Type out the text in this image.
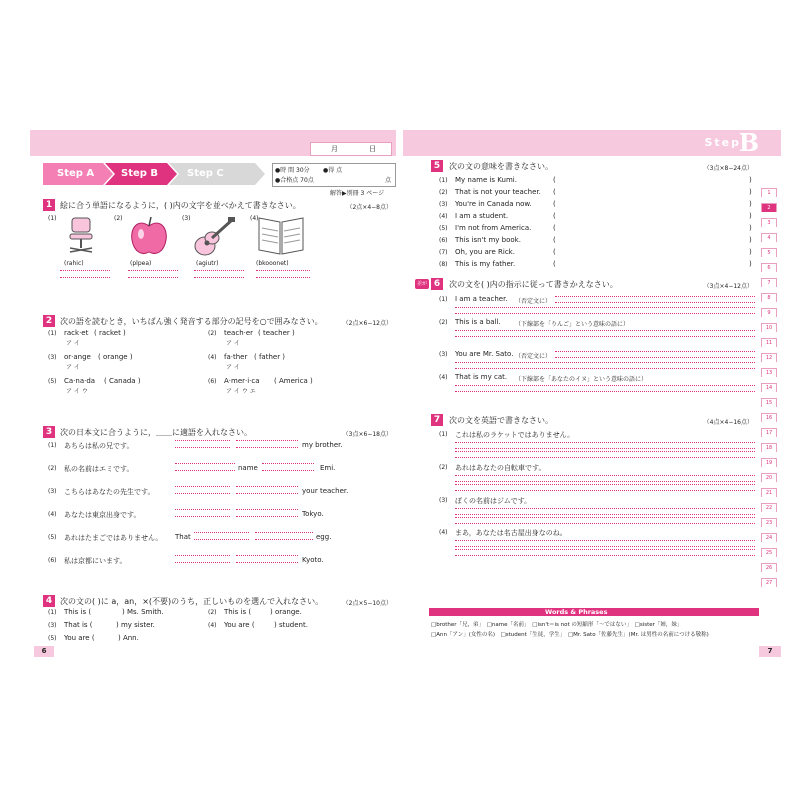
6
月	日
Step A	Step B	Step C	●時 間 30分
●合格点 70点
●得 点
点
解答▶別冊 3 ページ
1 絵に合う単語になるように，( )内の文字を並べかえて書きなさい。	（2点×4−8点）
(1)	(2)	(3)	(4)
(rahic)	(plpea)	(agiutr)	(bkooonet)
2 次の語を読むとき，いちばん強く発音する部分の記号を○で囲みなさい。	（2点×6−12点）
(1) rack·et ( racket )
ア イ
(2) teach·er ( teacher )
ア イ
(3) or·ange ( orange )
ア イ
(4) fa·ther ( father )
ア イ
(5) Ca·na·da ( Canada )
ア イ ウ
(6) A·mer·i·ca ( America )
ア イ ウ エ
3 次の日本文に合うように，＿＿に適語を入れなさい。	（3点×6−18点）
(1) あちらは私の兄です。	my brother.
(2) 私の名前はエミです。	name	Emi.
(3) こちらはあなたの先生です。	your teacher.
(4) あなたは東京出身です。	Tokyo.
(5) あれはたまごではありません。 That	egg.
(6) 私は京都にいます。	Kyoto.
4 次の文の( )に a，an，×(不要)のうち，正しいものを選んで入れなさい。	（2点×5−10点）
(1) This is (	) Ms. Smith.	(2) This is (	) orange.
(3) That is (	) my sister.	(4) You are (	) student.
(5) You are (	) Ann.
Step
B
7
1
2
3
4
5
6
7
8
9
10
11
12
13
14
15
16
17
18
19
20
21
22
23
24
25
26
27
5	次の文の意味を書きなさい。	（3点×8−24点）
差がつく
6	次の文を( )内の指示に従って書きかえなさい。	（3点×4−12点）
7	次の文を英語で書きなさい。	（4点×4−16点）
Words & Phrases
□brother「兄，弟」　□name「名前」　□isn't＝is not の短縮形「〜ではない」　□sister「姉，妹」
□Ann「アン」(女性の名)　□student「生徒，学生」　□Mr. Sato「佐藤先生」(Mr. は男性の名前につける敬称)
(1) My name is Kumi.	(	)
(2) That is not your teacher. (	)
(3) You're in Canada now.	(	)
(4) I am a student.	(	)
(5) I'm not from America.	(	)
(6) This isn't my book.	(	)
(7) Oh, you are Rick.	(	)
(8) This is my father.	(	)
(1) I am a teacher. （否定文に）
(2) This is a ball. （下線部を「りんご」という意味の語に）
(3) You are Mr. Sato. （否定文に）
(4) That is my cat. （下線部を「あなたのイヌ」という意味の語に）
(1) これは私のラケットではありません。
(2) あれはあなたの自転車です。
(3) ぼくの名前はジムです。
(4) まあ，あなたは名古屋出身なのね。
